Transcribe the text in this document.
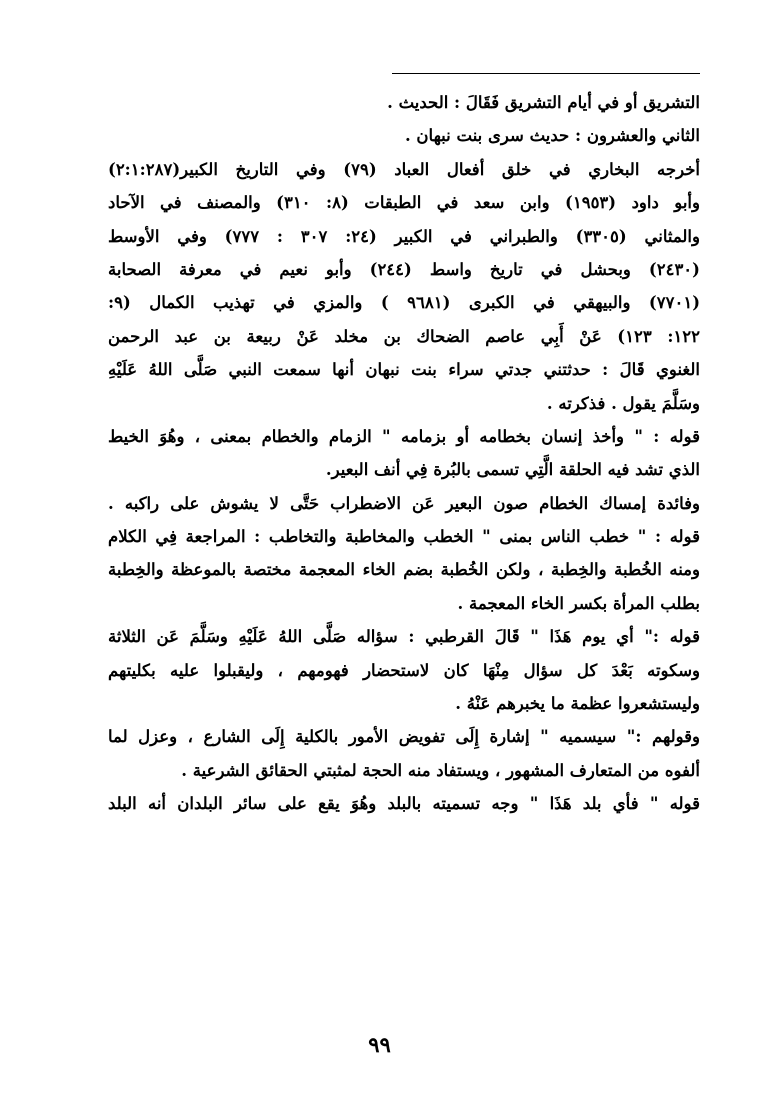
التشريق أو في أيام التشريق فَقَالَ : الحديث .
الثاني والعشرون : حديث سرى بنت نبهان .
أخرجه البخاري في خلق أفعال العباد (٧٩) وفي التاريخ الكبير(٢:١:٢٨٧)
وأبو داود (١٩٥٣) وابن سعد في الطبقات (٨: ٣١٠) والمصنف في الآحاد
والمثاني (٣٣٠٥) والطبراني في الكبير (٢٤: ٣٠٧ : ٧٧٧) وفي الأوسط
(٢٤٣٠) وبحشل في تاريخ واسط (٢٤٤) وأبو نعيم في معرفة الصحابة
(٧٧٠١) والبيهقي في الكبرى (٩٦٨١ ) والمزي في تهذيب الكمال (٩:
١٢٢: ١٢٣) عَنْ أَبِي عاصم الضحاك بن مخلد عَنْ ربيعة بن عبد الرحمن
الغنوي قَالَ : حدثتني جدتي سراء بنت نبهان أنها سمعت النبي صَلَّى اللهُ عَلَيْهِ
وسَلَّمَ يقول . فذكرته .
قوله : " وأخذ إنسان بخطامه أو بزمامه " الزمام والخطام بمعنى ، وهُوَ الخيط
الذي تشد فيه الحلقة الَّتِي تسمى بالبُرة فِي أنف البعير.
وفائدة إمساك الخطام صون البعير عَن الاضطراب حَتَّى لا يشوش على راكبه .
قوله : " خطب الناس بمنى " الخطب والمخاطبة والتخاطب : المراجعة فِي الكلام
ومنه الخُطبة والخِطبة ، ولكن الخُطبة بضم الخاء المعجمة مختصة بالموعظة والخِطبة
بطلب المرأة بكسر الخاء المعجمة .
قوله :" أي يوم هَذَا " قَالَ القرطبي : سؤاله صَلَّى اللهُ عَلَيْهِ وسَلَّمَ عَن الثلاثة
وسكوته بَعْدَ كل سؤال مِنْهَا كان لاستحضار فهومهم ، وليقبلوا عليه بكليتهم
وليستشعروا عظمة ما يخبرهم عَنْهُ .
وقولهم :" سيسميه " إشارة إِلَى تفويض الأمور بالكلية إِلَى الشارع ، وعزل لما
ألفوه من المتعارف المشهور ، ويستفاد منه الحجة لمثبتي الحقائق الشرعية .
قوله " فأي بلد هَذَا " وجه تسميته بالبلد وهُوَ يقع على سائر البلدان أنه البلد
٩٩
